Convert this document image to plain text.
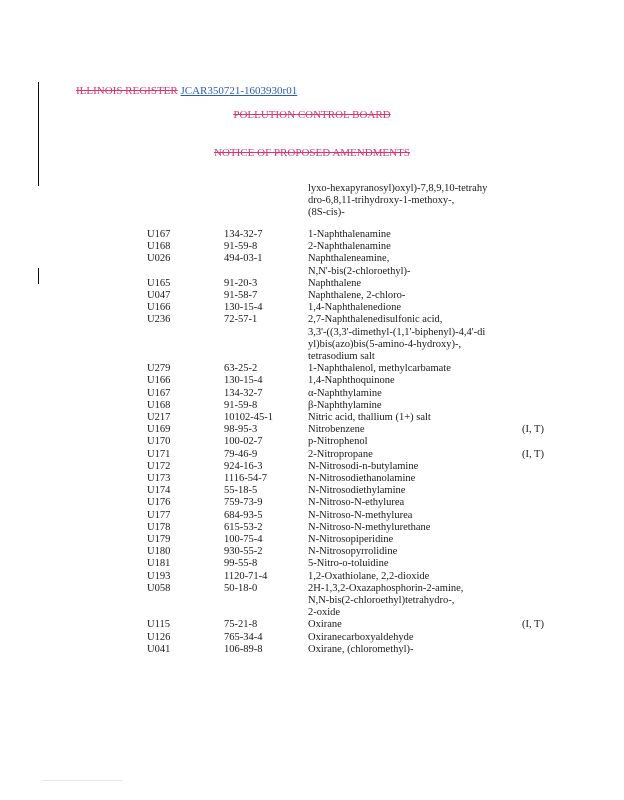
ILLINOIS REGISTER JCAR350721-1603930r01
POLLUTION CONTROL BOARD
NOTICE OF PROPOSED AMENDMENTS
lyxo-hexapyranosyl)oxyl)-7,8,9,10-tetrahy
dro-6,8,11-trihydroxy-1-methoxy-,
(8S-cis)-
U167	134-32-7	1-Naphthalenamine
U168	91-59-8	2-Naphthalenamine
U026	494-03-1	Naphthaleneamine,
N,N'-bis(2-chloroethyl)-
U165	91-20-3	Naphthalene
U047	91-58-7	Naphthalene, 2-chloro-
U166	130-15-4	1,4-Naphthalenedione
U236	72-57-1	2,7-Naphthalenedisulfonic acid,
3,3'-((3,3'-dimethyl-(1,1'-biphenyl)-4,4'-di
yl)bis(azo)bis(5-amino-4-hydroxy)-,
tetrasodium salt
U279	63-25-2	1-Naphthalenol, methylcarbamate
U166	130-15-4	1,4-Naphthoquinone
U167	134-32-7	α-Naphthylamine
U168	91-59-8	β-Naphthylamine
U217	10102-45-1	Nitric acid, thallium (1+) salt
U169	98-95-3	Nitrobenzene	(I, T)
U170	100-02-7	p-Nitrophenol
U171	79-46-9	2-Nitropropane	(I, T)
U172	924-16-3	N-Nitrosodi-n-butylamine
U173	1116-54-7	N-Nitrosodiethanolamine
U174	55-18-5	N-Nitrosodiethylamine
U176	759-73-9	N-Nitroso-N-ethylurea
U177	684-93-5	N-Nitroso-N-methylurea
U178	615-53-2	N-Nitroso-N-methylurethane
U179	100-75-4	N-Nitrosopiperidine
U180	930-55-2	N-Nitrosopyrrolidine
U181	99-55-8	5-Nitro-o-toluidine
U193	1120-71-4	1,2-Oxathiolane, 2,2-dioxide
U058	50-18-0	2H-1,3,2-Oxazaphosphorin-2-amine,
N,N-bis(2-chloroethyl)tetrahydro-,
2-oxide
U115	75-21-8	Oxirane	(I, T)
U126	765-34-4	Oxiranecarboxyaldehyde
U041	106-89-8	Oxirane, (chloromethyl)-
